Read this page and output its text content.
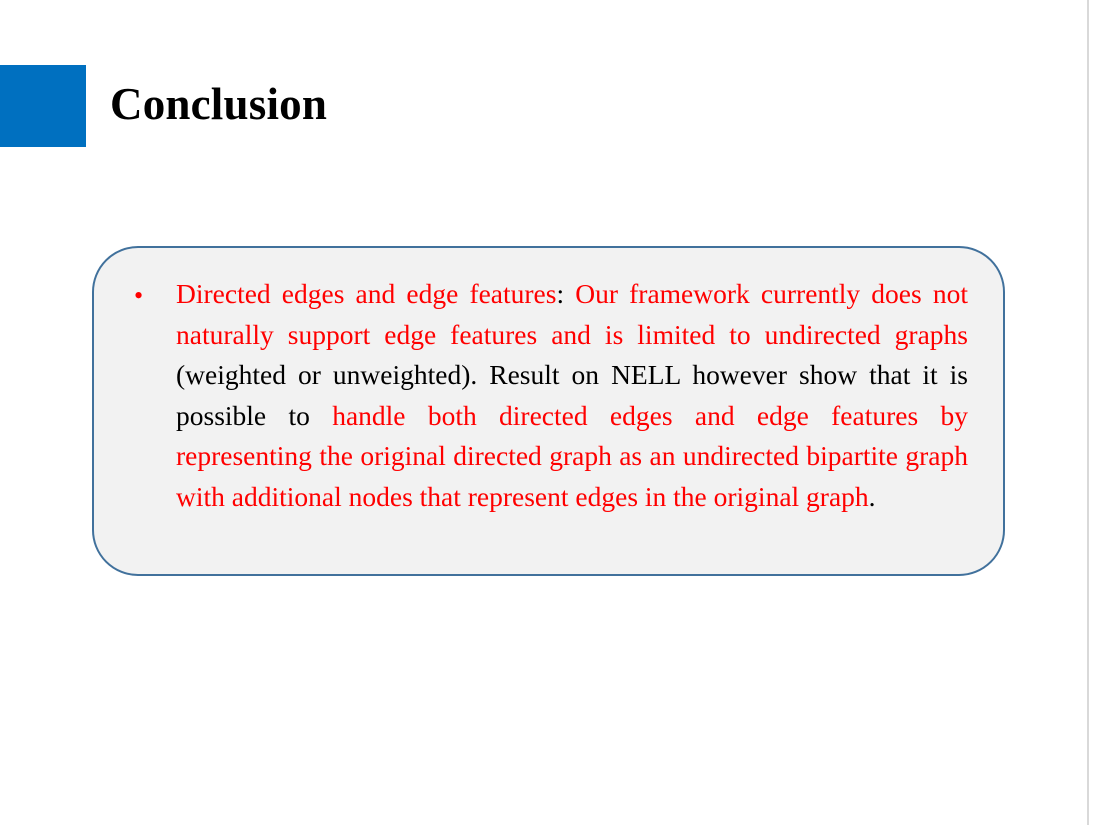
Conclusion
• Directed edges and edge features: Our framework currently does not naturally support edge features and is limited to undirected graphs (weighted or unweighted). Result on NELL however show that it is possible to handle both directed edges and edge features by representing the original directed graph as an undirected bipartite graph with additional nodes that represent edges in the original graph.
